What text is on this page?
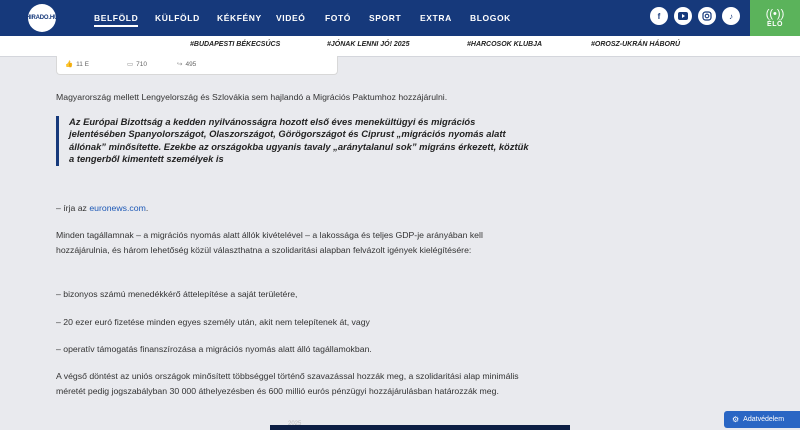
HIRADO.HU	BELFÖLD KÜLFÖLD KÉKFÉNY VIDEÓ FOTÓ SPORT EXTRA BLOGOK	f	♪	((•))
ÉLŐ
#BUDAPESTI BÉKECSÚCS	#JÓNAK LENNI JÓ! 2025	#HARCOSOK KLUBJA	#OROSZ-UKRÁN HÁBORÚ
👍 11 E	▭ 710	↪ 495
Magyarország mellett Lengyelország és Szlovákia sem hajlandó a Migrációs Paktumhoz hozzájárulni.
Az Európai Bizottság a kedden nyilvánosságra hozott első éves menekültügyi és migrációs jelentésében Spanyolországot, Olaszországot, Görögországot és Ciprust „migrációs nyomás alatt állónak” minősítette. Ezekbe az országokba ugyanis tavaly „aránytalanul sok” migráns érkezett, köztük a tengerből kimentett személyek is
– írja az euronews.com.
Minden tagállamnak – a migrációs nyomás alatt állók kivételével – a lakossága és teljes GDP-je arányában kell hozzájárulnia, és három lehetőség közül választhatna a szolidaritási alapban felvázolt igények kielégítésére:
– bizonyos számú menedékkérő áttelepítése a saját területére,
– 20 ezer euró fizetése minden egyes személy után, akit nem telepítenek át, vagy
– operatív támogatás finanszírozása a migrációs nyomás alatt álló tagállamokban.
A végső döntést az uniós országok minősített többséggel történő szavazással hozzák meg, a szolidaritási alap minimális méretét pedig jogszabályban 30 000 áthelyezésben és 600 millió eurós pénzügyi hozzájárulásban határozzák meg.
2025	⚙ Adatvédelem
